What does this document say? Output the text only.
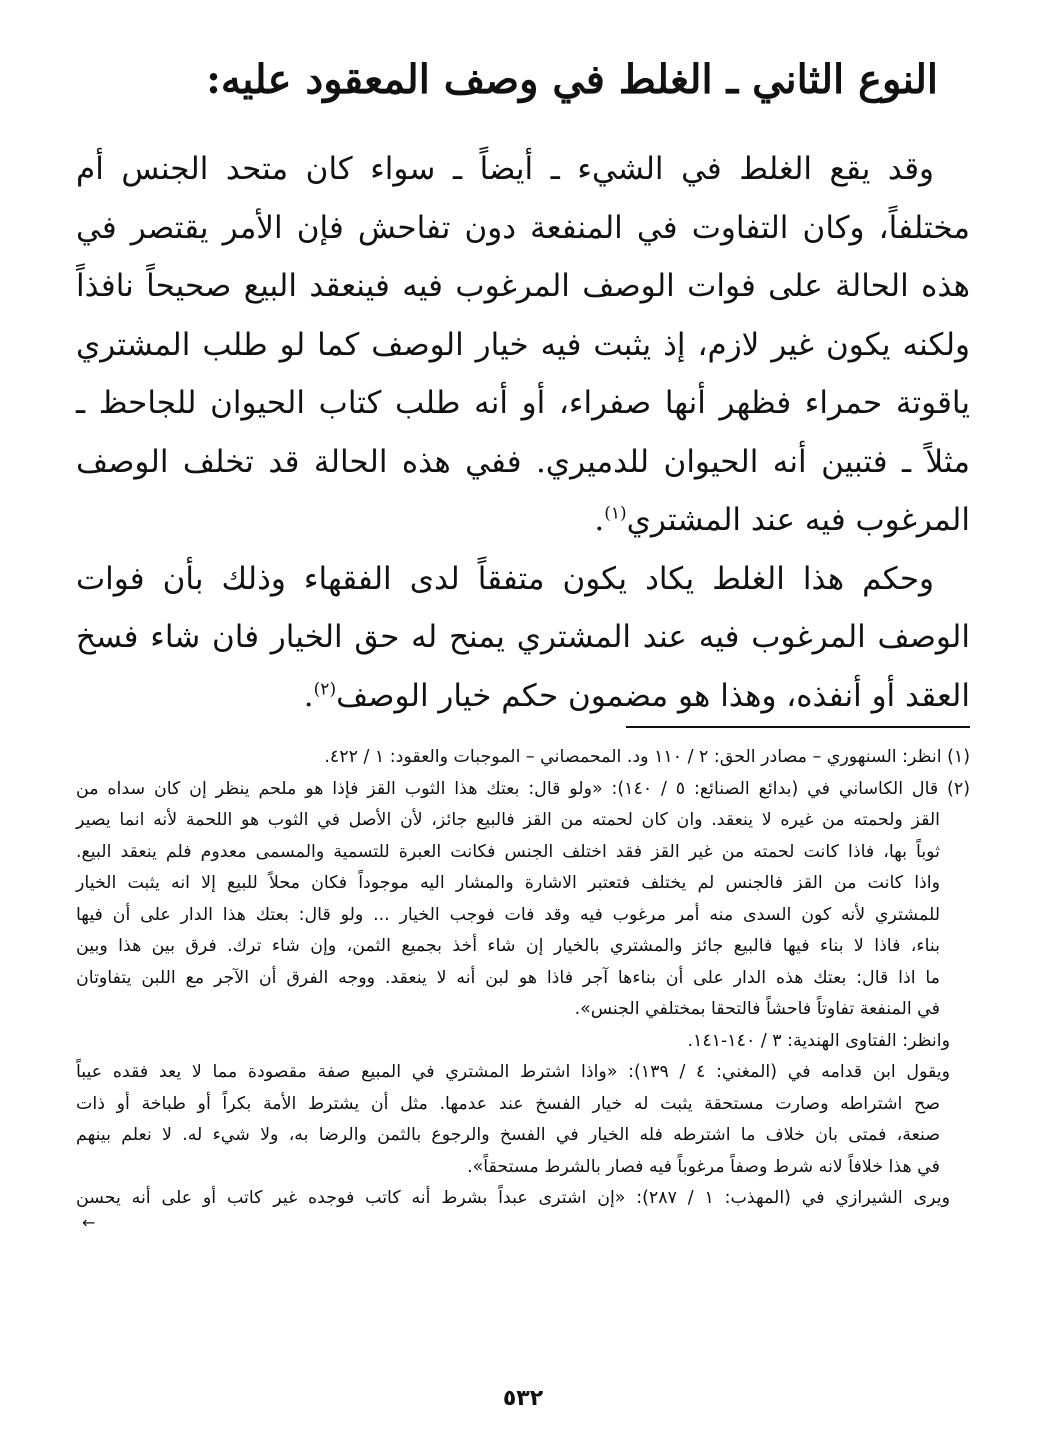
النوع الثاني ـ الغلط في وصف المعقود عليه:

وقد يقع الغلط في الشيء ـ أيضاً ـ سواء كان متحد الجنس أم مختلفاً، وكان التفاوت في المنفعة دون تفاحش فإن الأمر يقتصر في هذه الحالة على فوات الوصف المرغوب فيه فينعقد البيع صحيحاً نافذاً ولكنه يكون غير لازم، إذ يثبت فيه خيار الوصف كما لو طلب المشتري ياقوتة حمراء فظهر أنها صفراء، أو أنه طلب كتاب الحيوان للجاحظ ـ مثلاً ـ فتبين أنه الحيوان للدميري. ففي هذه الحالة قد تخلف الوصف المرغوب فيه عند المشتري$^{(١)}$.

وحكم هذا الغلط يكاد يكون متفقاً لدى الفقهاء وذلك بأن فوات الوصف المرغوب فيه عند المشتري يمنح له حق الخيار فان شاء فسخ العقد أو أنفذه، وهذا هو مضمون حكم خيار الوصف$^{(٢)}$.

(١) انظر: السنهوري – مصادر الحق: ٢ / ١١٠ ود. المحمصاني – الموجبات والعقود: ١ / ٤٢٢.

(٢) قال الكاساني في (بدائع الصنائع: ٥ / ١٤٠): «ولو قال: بعتك هذا الثوب القز فإذا هو ملحم ينظر إن كان سداه من

القز ولحمته من غيره لا ينعقد. وان كان لحمته من القز فالبيع جائز، لأن الأصل في الثوب هو اللحمة لأنه انما يصير

ثوباً بها، فاذا كانت لحمته من غير القز فقد اختلف الجنس فكانت العبرة للتسمية والمسمى معدوم فلم ينعقد البيع.

واذا كانت من القز فالجنس لم يختلف فتعتبر الاشارة والمشار اليه موجوداً فكان محلاً للبيع إلا انه يثبت الخيار

للمشتري لأنه كون السدى منه أمر مرغوب فيه وقد فات فوجب الخيار ... ولو قال: بعتك هذا الدار على أن فيها

بناء، فاذا لا بناء فيها فالبيع جائز والمشتري بالخيار إن شاء أخذ بجميع الثمن، وإن شاء ترك. فرق بين هذا وبين

ما اذا قال: بعتك هذه الدار على أن بناءها آجر فاذا هو لبن أنه لا ينعقد. ووجه الفرق أن الآجر مع اللبن يتفاوتان

في المنفعة تفاوتاً فاحشاً فالتحقا بمختلفي الجنس».

وانظر: الفتاوى الهندية: ٣ / ١٤٠-١٤١.

ويقول ابن قدامه في (المغني: ٤ / ١٣٩): «واذا اشترط المشتري في المبيع صفة مقصودة مما لا يعد فقده عيباً

صح اشتراطه وصارت مستحقة يثبت له خيار الفسخ عند عدمها. مثل أن يشترط الأمة بكراً أو طباخة أو ذات

صنعة، فمتى بان خلاف ما اشترطه فله الخيار في الفسخ والرجوع بالثمن والرضا به، ولا شيء له. لا نعلم بينهم

في هذا خلافاً لانه شرط وصفاً مرغوباً فيه فصار بالشرط مستحقاً».

ويرى الشيرازي في (المهذب: ١ / ٢٨٧): «إن اشترى عبداً بشرط أنه كاتب فوجده غير كاتب أو على أنه يحسن

←

٥٣٢
